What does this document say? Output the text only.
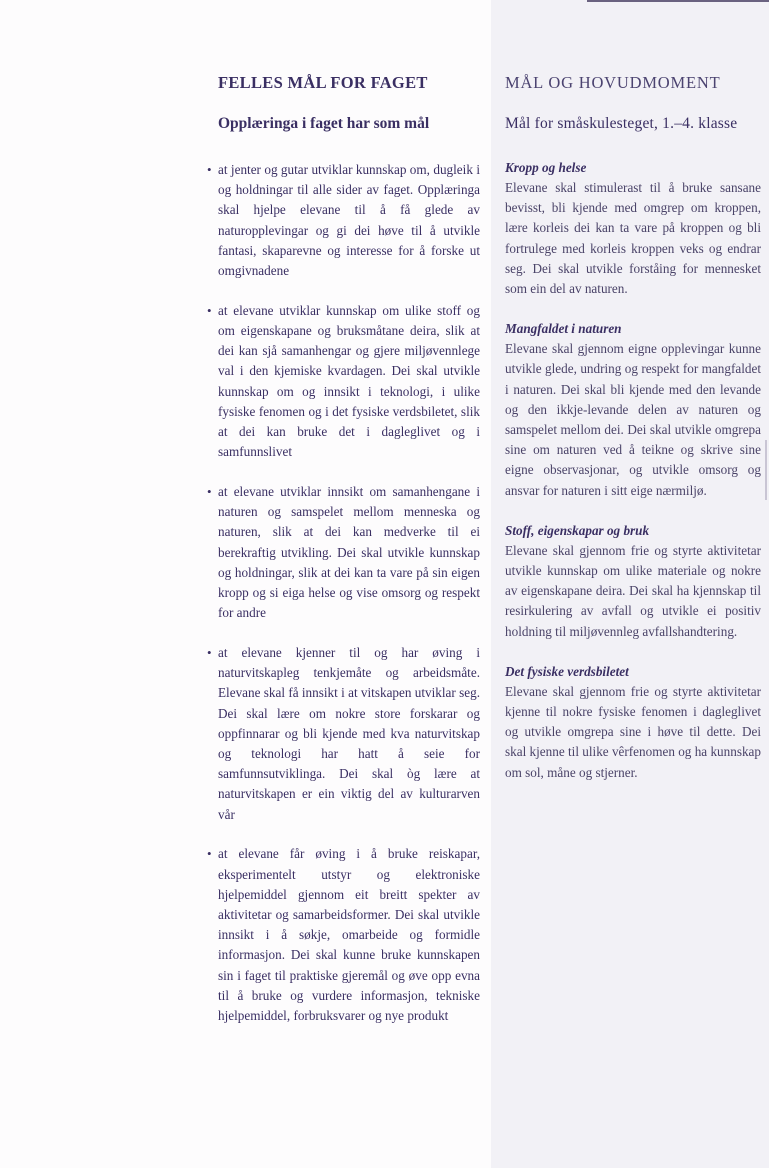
FELLES MÅL FOR FAGET
Opplæringa i faget har som mål
• at jenter og gutar utviklar kunnskap om, dugleik i og holdningar til alle sider av faget. Opplæringa skal hjelpe elevane til å få glede av naturopplevingar og gi dei høve til å utvikle fantasi, skaparevne og interesse for å forske ut omgivnadene
• at elevane utviklar kunnskap om ulike stoff og om eigenskapane og bruksmåtane deira, slik at dei kan sjå samanhengar og gjere miljøvennlege val i den kjemiske kvardagen. Dei skal utvikle kunnskap om og innsikt i teknologi, i ulike fysiske fenomen og i det fysiske verdsbiletet, slik at dei kan bruke det i dagleglivet og i samfunnslivet
• at elevane utviklar innsikt om samanhengane i naturen og samspelet mellom menneska og naturen, slik at dei kan medverke til ei berekraftig utvikling. Dei skal utvikle kunnskap og holdningar, slik at dei kan ta vare på sin eigen kropp og si eiga helse og vise omsorg og respekt for andre
• at elevane kjenner til og har øving i naturvitskapleg tenkjemåte og arbeidsmåte. Elevane skal få innsikt i at vitskapen utviklar seg. Dei skal lære om nokre store forskarar og oppfinnarar og bli kjende med kva naturvitskap og teknologi har hatt å seie for samfunnsutviklinga. Dei skal òg lære at naturvitskapen er ein viktig del av kulturarven vår
• at elevane får øving i å bruke reiskapar, eksperimentelt utstyr og elektroniske hjelpemiddel gjennom eit breitt spekter av aktivitetar og samarbeidsformer. Dei skal utvikle innsikt i å søkje, omarbeide og formidle informasjon. Dei skal kunne bruke kunnskapen sin i faget til praktiske gjeremål og øve opp evna til å bruke og vurdere informasjon, tekniske hjelpemiddel, forbruksvarer og nye produkt
MÅL OG HOVUDMOMENT
Mål for småskulesteget, 1.–4. klasse

Kropp og helse

Elevane skal stimulerast til å bruke sansane bevisst, bli kjende med omgrep om kroppen, lære korleis dei kan ta vare på kroppen og bli fortrulege med korleis kroppen veks og endrar seg. Dei skal utvikle forståing for mennesket som ein del av naturen.

Mangfaldet i naturen

Elevane skal gjennom eigne opplevingar kunne utvikle glede, undring og respekt for mangfaldet i naturen. Dei skal bli kjende med den levande og den ikkje-levande delen av naturen og samspelet mellom dei. Dei skal utvikle omgrepa sine om naturen ved å teikne og skrive sine eigne observasjonar, og utvikle omsorg og ansvar for naturen i sitt eige nærmiljø.

Stoff, eigenskapar og bruk

Elevane skal gjennom frie og styrte aktivitetar utvikle kunnskap om ulike materiale og nokre av eigenskapane deira. Dei skal ha kjennskap til resirkulering av avfall og utvikle ei positiv holdning til miljøvennleg avfallshandtering.

Det fysiske verdsbiletet

Elevane skal gjennom frie og styrte aktivitetar kjenne til nokre fysiske fenomen i dagleglivet og utvikle omgrepa sine i høve til dette. Dei skal kjenne til ulike vêrfenomen og ha kunnskap om sol, måne og stjerner.
